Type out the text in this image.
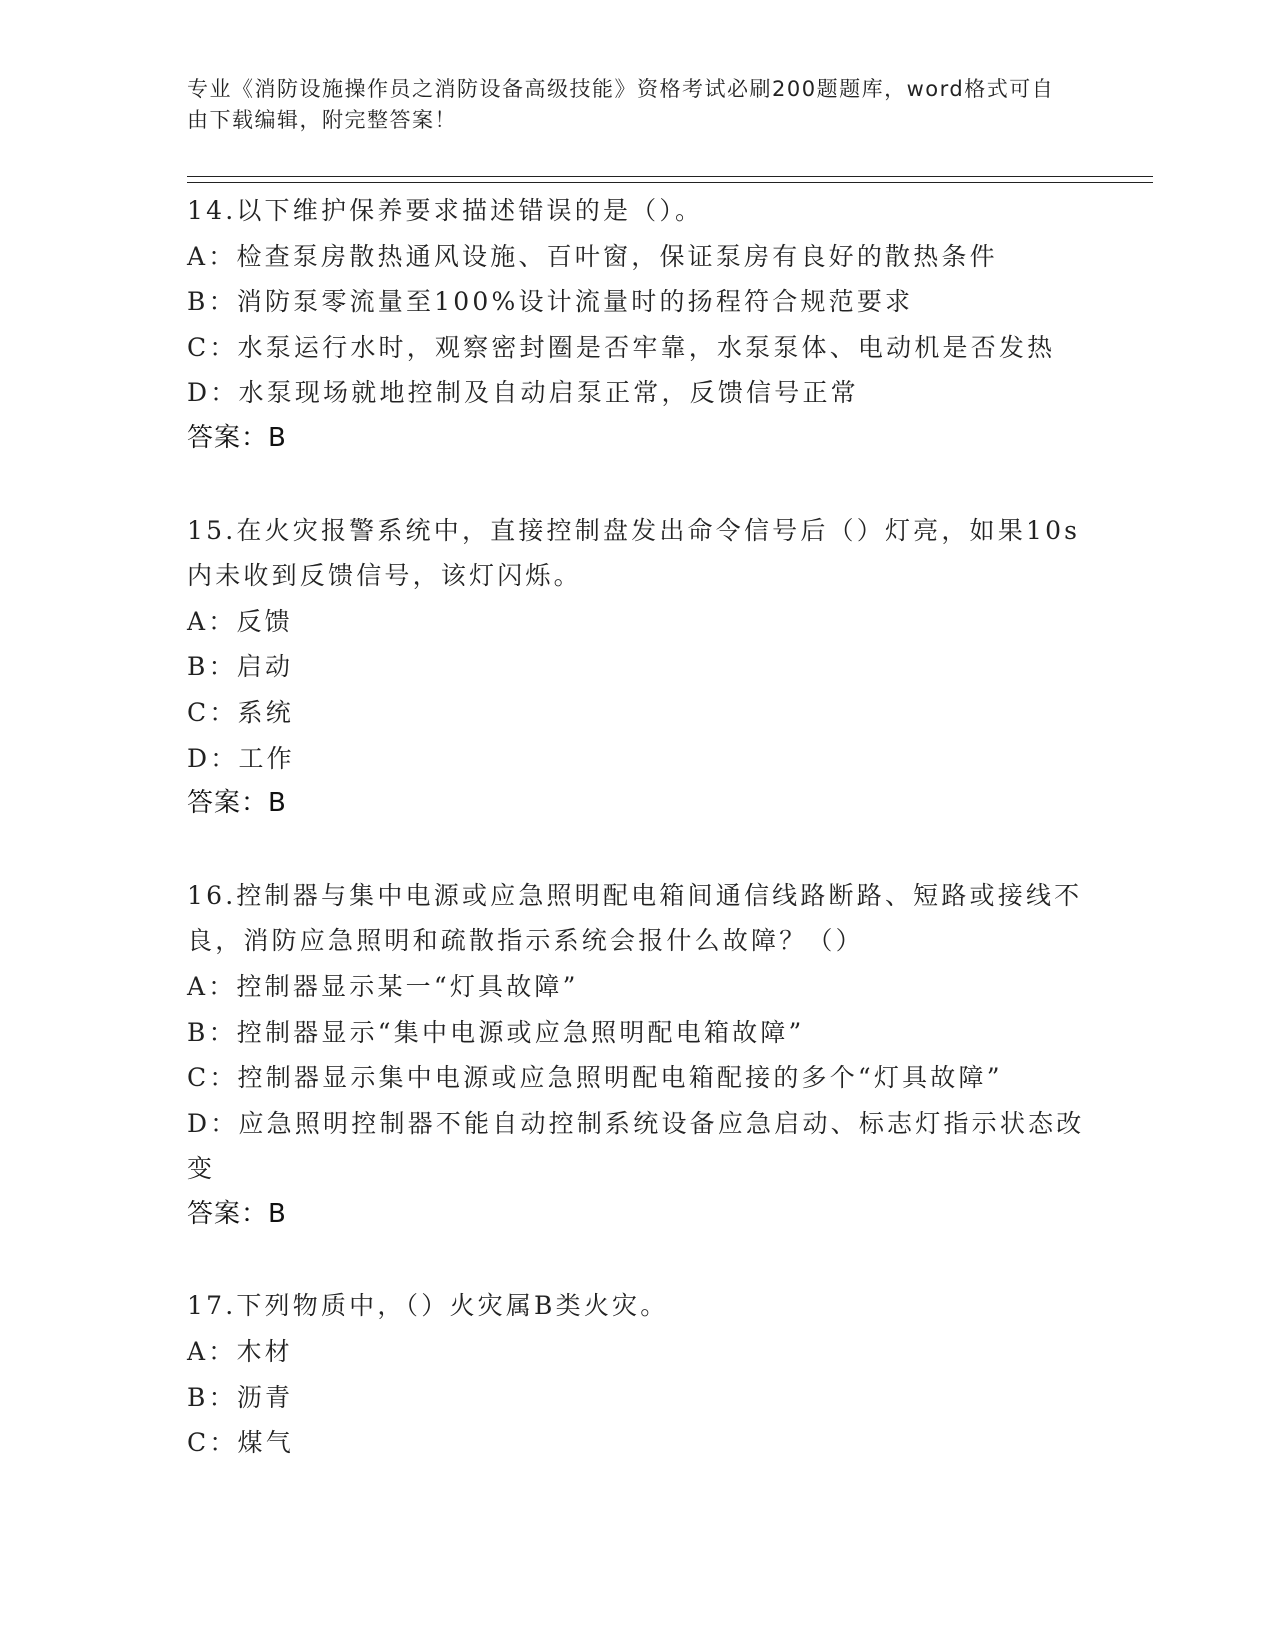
专业《消防设施操作员之消防设备高级技能》资格考试必刷200题题库，word格式可自由下载编辑，附完整答案！
14.以下维护保养要求描述错误的是（）。
A：检查泵房散热通风设施、百叶窗，保证泵房有良好的散热条件
B：消防泵零流量至100%设计流量时的扬程符合规范要求
C：水泵运行水时，观察密封圈是否牢靠，水泵泵体、电动机是否发热
D：水泵现场就地控制及自动启泵正常，反馈信号正常
答案：B
15.在火灾报警系统中，直接控制盘发出命令信号后（）灯亮，如果10s内未收到反馈信号，该灯闪烁。
A：反馈
B：启动
C：系统
D：工作
答案：B
16.控制器与集中电源或应急照明配电箱间通信线路断路、短路或接线不良，消防应急照明和疏散指示系统会报什么故障？（）
A：控制器显示某一“灯具故障”
B：控制器显示“集中电源或应急照明配电箱故障”
C：控制器显示集中电源或应急照明配电箱配接的多个“灯具故障”
D：应急照明控制器不能自动控制系统设备应急启动、标志灯指示状态改变
答案：B
17.下列物质中，（）火灾属B类火灾。
A：木材
B：沥青
C：煤气
